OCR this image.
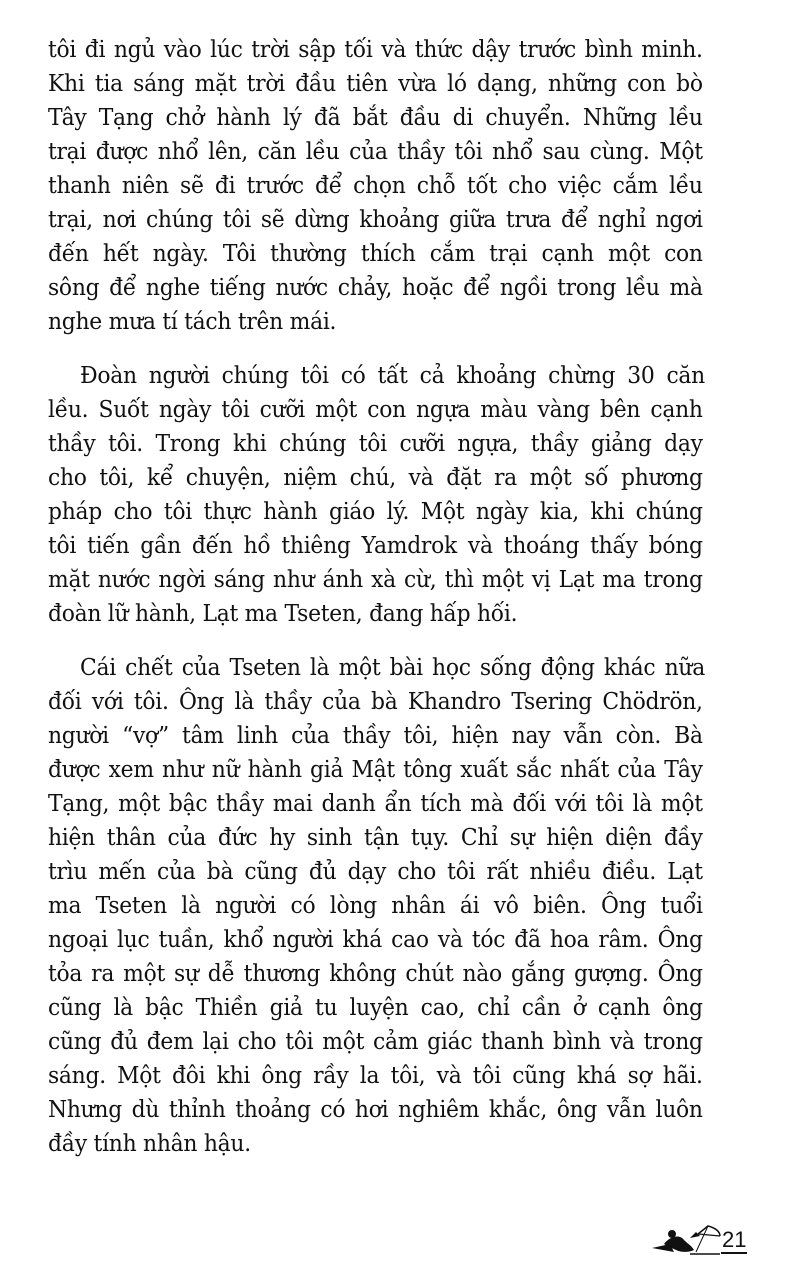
tôi đi ngủ vào lúc trời sập tối và thức dậy trước bình minh.
Khi tia sáng mặt trời đầu tiên vừa ló dạng, những con bò
Tây Tạng chở hành lý đã bắt đầu di chuyển. Những lều
trại được nhổ lên, căn lều của thầy tôi nhổ sau cùng. Một
thanh niên sẽ đi trước để chọn chỗ tốt cho việc cắm lều
trại, nơi chúng tôi sẽ dừng khoảng giữa trưa để nghỉ ngơi
đến hết ngày. Tôi thường thích cắm trại cạnh một con
sông để nghe tiếng nước chảy, hoặc để ngồi trong lều mà
nghe mưa tí tách trên mái.
Đoàn người chúng tôi có tất cả khoảng chừng 30 căn
lều. Suốt ngày tôi cưỡi một con ngựa màu vàng bên cạnh
thầy tôi. Trong khi chúng tôi cưỡi ngựa, thầy giảng dạy
cho tôi, kể chuyện, niệm chú, và đặt ra một số phương
pháp cho tôi thực hành giáo lý. Một ngày kia, khi chúng
tôi tiến gần đến hồ thiêng Yamdrok và thoáng thấy bóng
mặt nước ngời sáng như ánh xà cừ, thì một vị Lạt ma trong
đoàn lữ hành, Lạt ma Tseten, đang hấp hối.
Cái chết của Tseten là một bài học sống động khác nữa
đối với tôi. Ông là thầy của bà Khandro Tsering Chödrön,
người “vợ” tâm linh của thầy tôi, hiện nay vẫn còn. Bà
được xem như nữ hành giả Mật tông xuất sắc nhất của Tây
Tạng, một bậc thầy mai danh ẩn tích mà đối với tôi là một
hiện thân của đức hy sinh tận tụy. Chỉ sự hiện diện đầy
trìu mến của bà cũng đủ dạy cho tôi rất nhiều điều. Lạt
ma Tseten là người có lòng nhân ái vô biên. Ông tuổi
ngoại lục tuần, khổ người khá cao và tóc đã hoa râm. Ông
tỏa ra một sự dễ thương không chút nào gắng gượng. Ông
cũng là bậc Thiền giả tu luyện cao, chỉ cần ở cạnh ông
cũng đủ đem lại cho tôi một cảm giác thanh bình và trong
sáng. Một đôi khi ông rầy la tôi, và tôi cũng khá sợ hãi.
Nhưng dù thỉnh thoảng có hơi nghiêm khắc, ông vẫn luôn
đầy tính nhân hậu.
21
